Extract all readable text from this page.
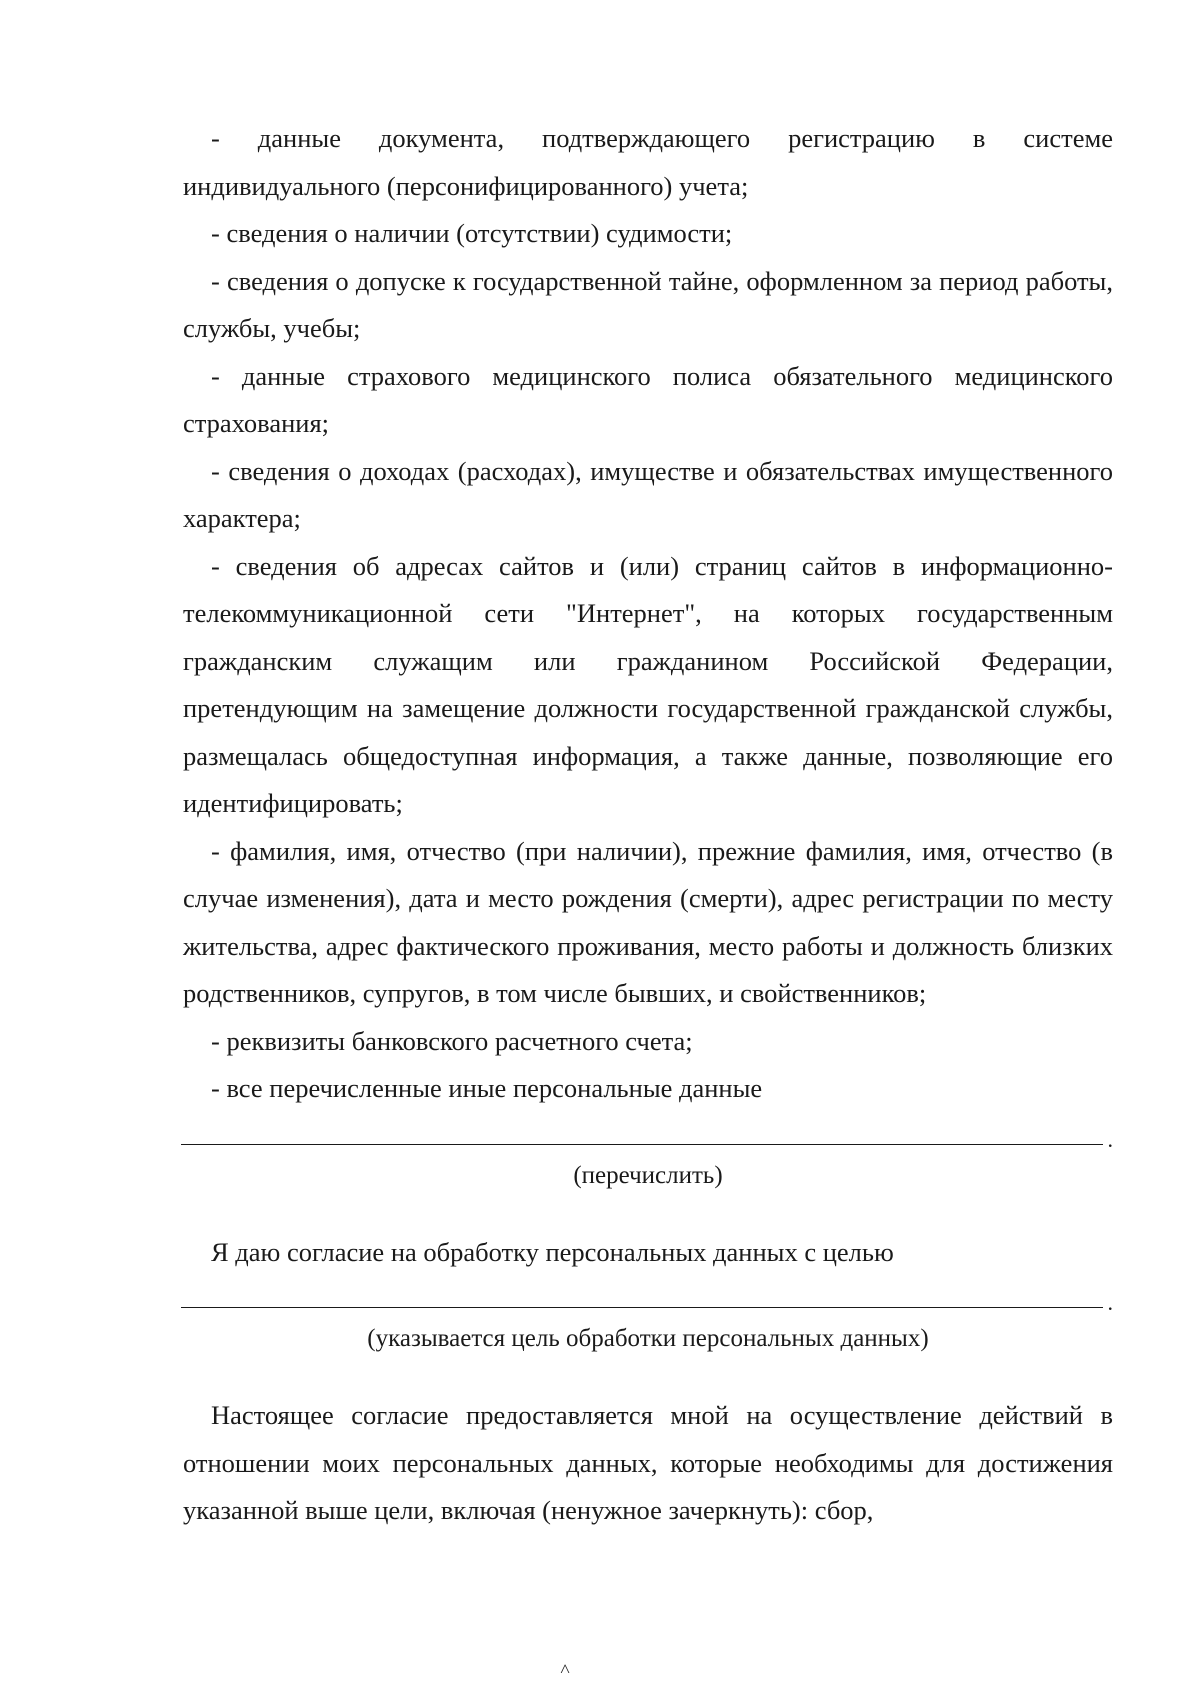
- данные документа, подтверждающего регистрацию в системе индивидуального (персонифицированного) учета;

- сведения о наличии (отсутствии) судимости;

- сведения о допуске к государственной тайне, оформленном за период работы, службы, учебы;

- данные страхового медицинского полиса обязательного медицинского страхования;

- сведения о доходах (расходах), имуществе и обязательствах имущественного характера;

- сведения об адресах сайтов и (или) страниц сайтов в информационно-телекоммуникационной сети "Интернет", на которых государственным гражданским служащим или гражданином Российской Федерации, претендующим на замещение должности государственной гражданской службы, размещалась общедоступная информация, а также данные, позволяющие его идентифицировать;

- фамилия, имя, отчество (при наличии), прежние фамилия, имя, отчество (в случае изменения), дата и место рождения (смерти), адрес регистрации по месту жительства, адрес фактического проживания, место работы и должность близких родственников, супругов, в том числе бывших, и свойственников;

- реквизиты банковского расчетного счета;

- все перечисленные иные персональные данные

.

(перечислить)

Я даю согласие на обработку персональных данных с целью

.

(указывается цель обработки персональных данных)

Настоящее согласие предоставляется мной на осуществление действий в отношении моих персональных данных, которые необходимы для достижения указанной выше цели, включая (ненужное зачеркнуть): сбор,

˄
